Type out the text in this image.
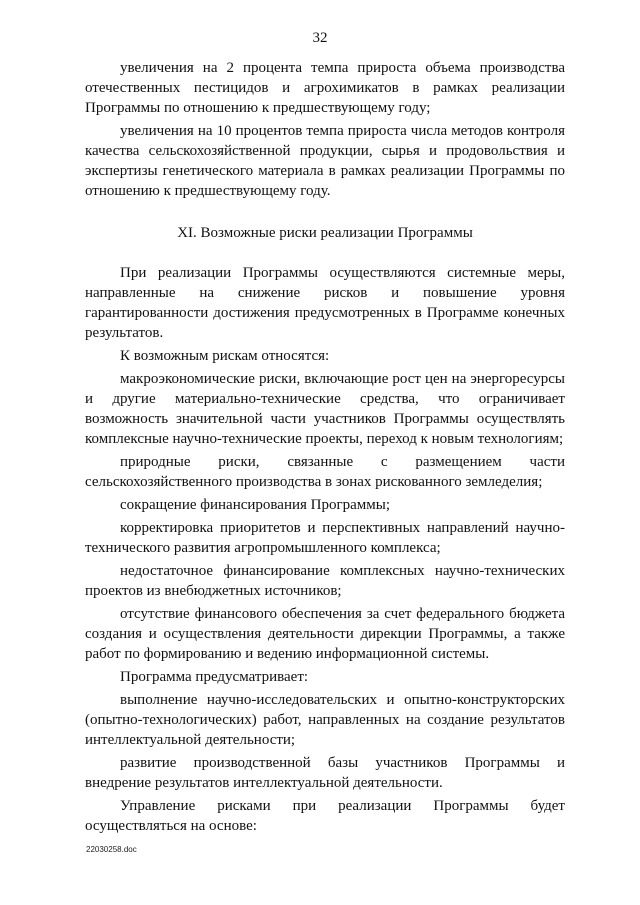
32

увеличения на 2 процента темпа прироста объема производства отечественных пестицидов и агрохимикатов в рамках реализации Программы по отношению к предшествующему году;

увеличения на 10 процентов темпа прироста числа методов контроля качества сельскохозяйственной продукции, сырья и продовольствия и экспертизы генетического материала в рамках реализации Программы по отношению к предшествующему году.

XI. Возможные риски реализации Программы

При реализации Программы осуществляются системные меры, направленные на снижение рисков и повышение уровня гарантированности достижения предусмотренных в Программе конечных результатов.

К возможным рискам относятся:

макроэкономические риски, включающие рост цен на энергоресурсы и другие материально-технические средства, что ограничивает возможность значительной части участников Программы осуществлять комплексные научно-технические проекты, переход к новым технологиям;

природные риски, связанные с размещением части сельскохозяйственного производства в зонах рискованного земледелия;

сокращение финансирования Программы;

корректировка приоритетов и перспективных направлений научно-технического развития агропромышленного комплекса;

недостаточное финансирование комплексных научно-технических проектов из внебюджетных источников;

отсутствие финансового обеспечения за счет федерального бюджета создания и осуществления деятельности дирекции Программы, а также работ по формированию и ведению информационной системы.

Программа предусматривает:

выполнение научно-исследовательских и опытно-конструкторских (опытно-технологических) работ, направленных на создание результатов интеллектуальной деятельности;

развитие производственной базы участников Программы и внедрение результатов интеллектуальной деятельности.

Управление рисками при реализации Программы будет осуществляться на основе:

22030258.doc
